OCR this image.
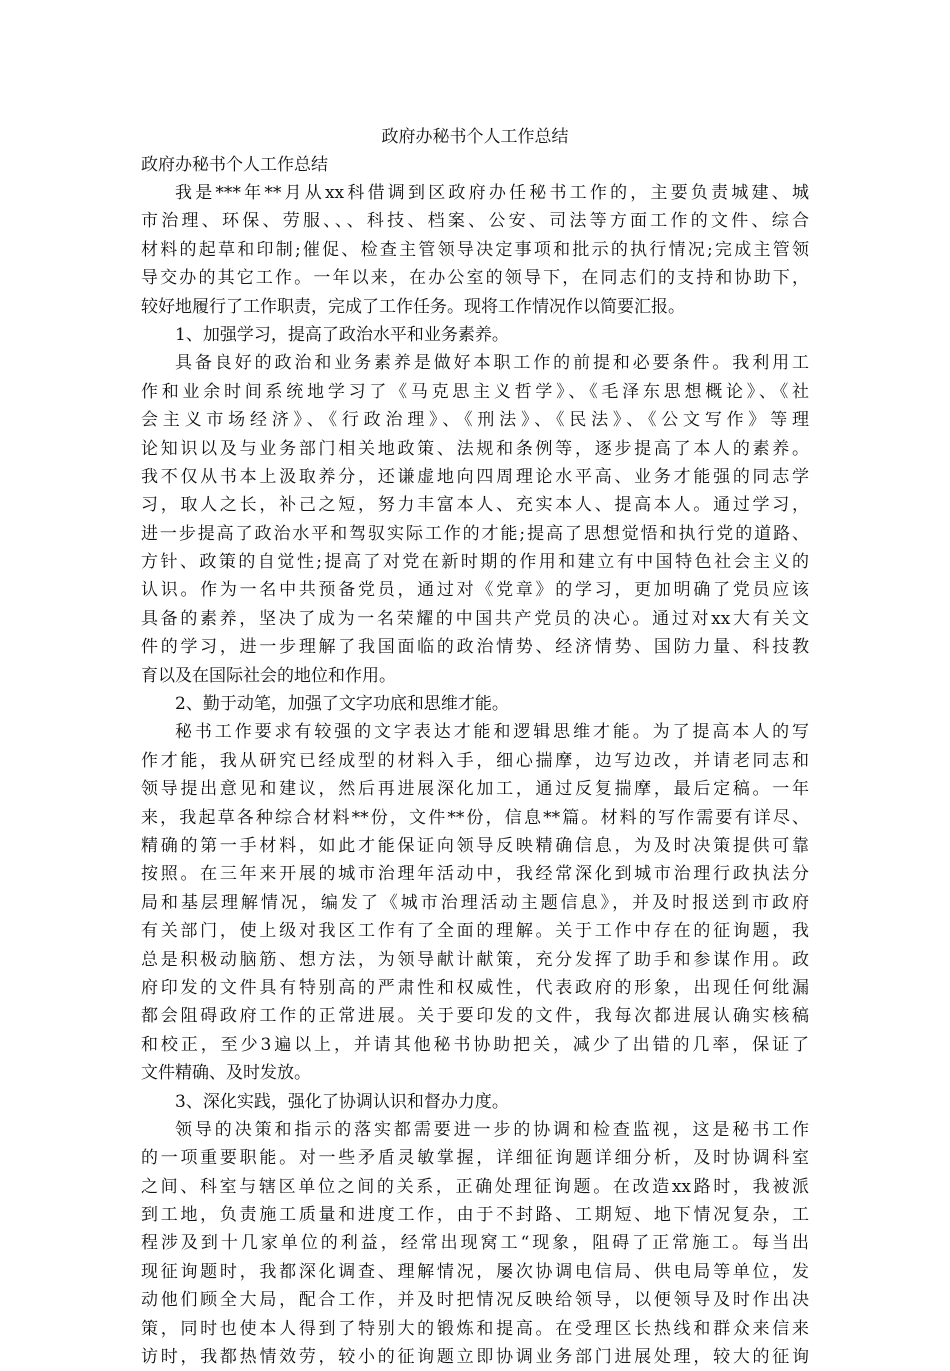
政府办秘书个人工作总结
政府办秘书个人工作总结
我是***年**月从xx科借调到区政府办任秘书工作的，主要负责城建、城
市治理、环保、劳服、、、科技、档案、公安、司法等方面工作的文件、综合
材料的起草和印制;催促、检查主管领导决定事项和批示的执行情况;完成主管领
导交办的其它工作。一年以来，在办公室的领导下，在同志们的支持和协助下，
较好地履行了工作职责，完成了工作任务。现将工作情况作以简要汇报。
1、加强学习，提高了政治水平和业务素养。
具备良好的政治和业务素养是做好本职工作的前提和必要条件。我利用工
作和业余时间系统地学习了《马克思主义哲学》、《毛泽东思想概论》、《社
会主义市场经济》、《行政治理》、《刑法》、《民法》、《公文写作》等理
论知识以及与业务部门相关地政策、法规和条例等，逐步提高了本人的素养。
我不仅从书本上汲取养分，还谦虚地向四周理论水平高、业务才能强的同志学
习，取人之长，补己之短，努力丰富本人、充实本人、提高本人。通过学习，
进一步提高了政治水平和驾驭实际工作的才能;提高了思想觉悟和执行党的道路、
方针、政策的自觉性;提高了对党在新时期的作用和建立有中国特色社会主义的
认识。作为一名中共预备党员，通过对《党章》的学习，更加明确了党员应该
具备的素养，坚决了成为一名荣耀的中国共产党员的决心。通过对xx大有关文
件的学习，进一步理解了我国面临的政治情势、经济情势、国防力量、科技教
育以及在国际社会的地位和作用。
2、勤于动笔，加强了文字功底和思维才能。
秘书工作要求有较强的文字表达才能和逻辑思维才能。为了提高本人的写
作才能，我从研究已经成型的材料入手，细心揣摩，边写边改，并请老同志和
领导提出意见和建议，然后再进展深化加工，通过反复揣摩，最后定稿。一年
来，我起草各种综合材料**份，文件**份，信息**篇。材料的写作需要有详尽、
精确的第一手材料，如此才能保证向领导反映精确信息，为及时决策提供可靠
按照。在三年来开展的城市治理年活动中，我经常深化到城市治理行政执法分
局和基层理解情况，编发了《城市治理活动主题信息》，并及时报送到市政府
有关部门，使上级对我区工作有了全面的理解。关于工作中存在的征询题，我
总是积极动脑筋、想方法，为领导献计献策，充分发挥了助手和参谋作用。政
府印发的文件具有特别高的严肃性和权威性，代表政府的形象，出现任何纰漏
都会阻碍政府工作的正常进展。关于要印发的文件，我每次都进展认确实核稿
和校正，至少3遍以上，并请其他秘书协助把关，减少了出错的几率，保证了
文件精确、及时发放。
3、深化实践，强化了协调认识和督办力度。
领导的决策和指示的落实都需要进一步的协调和检查监视，这是秘书工作
的一项重要职能。对一些矛盾灵敏掌握，详细征询题详细分析，及时协调科室
之间、科室与辖区单位之间的关系，正确处理征询题。在改造xx路时，我被派
到工地，负责施工质量和进度工作，由于不封路、工期短、地下情况复杂，工
程涉及到十几家单位的利益，经常出现窝工“现象，阻碍了正常施工。每当出
现征询题时，我都深化调查、理解情况，屡次协调电信局、供电局等单位，发
动他们顾全大局，配合工作，并及时把情况反映给领导，以便领导及时作出决
策，同时也使本人得到了特别大的锻炼和提高。在受理区长热线和群众来信来
访时，我都热情效劳，较小的征询题立即协调业务部门进展处理，较大的征询
